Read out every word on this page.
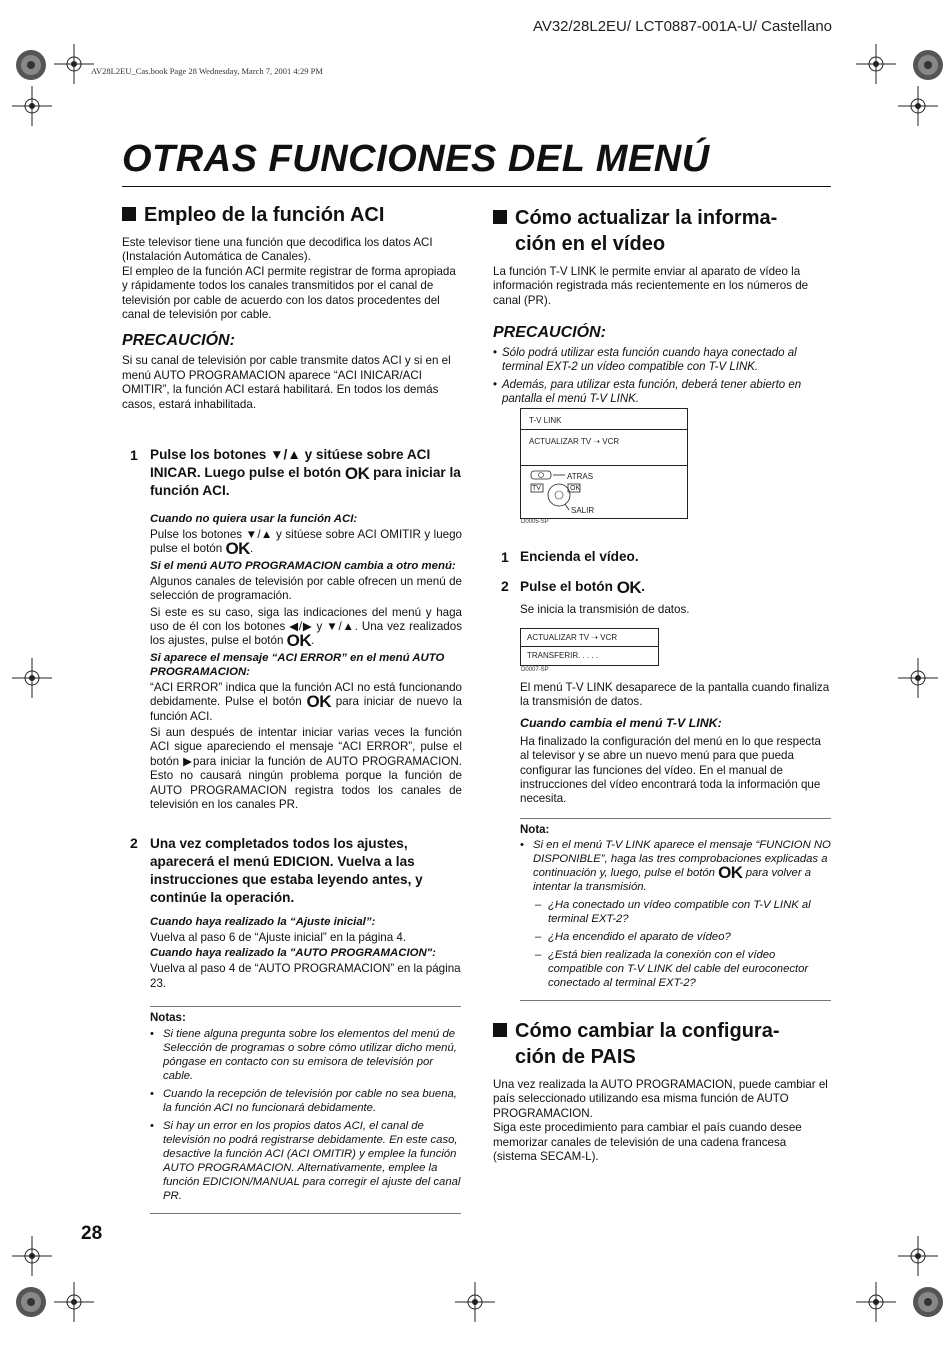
AV32/28L2EU/ LCT0887-001A-U/ Castellano
AV28L2EU_Cas.book Page 28 Wednesday, March 7, 2001 4:29 PM
OTRAS FUNCIONES DEL MENÚ
Empleo de la función ACI

Este televisor tiene una función que decodifica los datos ACI (Instalación Automática de Canales).

El empleo de la función ACI permite registrar de forma apropiada y rápidamente todos los canales transmitidos por el canal de televisión por cable de acuerdo con los datos procedentes del canal de televisión por cable.

PRECAUCIÓN:
Si su canal de televisión por cable transmite datos ACI y si en el menú AUTO PROGRAMACION aparece “ACI INICAR/ACI OMITIR”, la función ACI estará habilitará. En todos los demás casos, estará inhabilitada.
1 Pulse los botones ▼/▲ y sitúese sobre ACI INICAR. Luego pulse el botón OK para iniciar la función ACI.
Cuando no quiera usar la función ACI:
Pulse los botones ▼/▲ y sitúese sobre ACI OMITIR y luego pulse el botón OK.
Si el menú AUTO PROGRAMACION cambia a otro menú:
Algunos canales de televisión por cable ofrecen un menú de selección de programación.
Si este es su caso, siga las indicaciones del menú y haga uso de él con los botones ◀/▶ y ▼/▲. Una vez realizados los ajustes, pulse el botón OK.
Si aparece el mensaje “ACI ERROR” en el menú AUTO PROGRAMACION:
“ACI ERROR” indica que la función ACI no está funcionando debidamente. Pulse el botón OK para iniciar de nuevo la función ACI.
Si aun después de intentar iniciar varias veces la función ACI sigue apareciendo el mensaje “ACI ERROR”, pulse el botón ▶para iniciar la función de AUTO PROGRAMACION. Esto no causará ningún problema porque la función de AUTO PROGRAMACION registra todos los canales de televisión en los canales PR.
2 Una vez completados todos los ajustes, aparecerá el menú EDICION. Vuelva a las instrucciones que estaba leyendo antes, y continúe la operación.
Cuando haya realizado la “Ajuste inicial”:
Vuelva al paso 6 de “Ajuste inicial” en la página 4.
Cuando haya realizado la "AUTO PROGRAMACION":
Vuelva al paso 4 de “AUTO PROGRAMACION” en la página 23.
Notas:
• Si tiene alguna pregunta sobre los elementos del menú de Selección de programas o sobre cómo utilizar dicho menú, póngase en contacto con su emisora de televisión por cable.
• Cuando la recepción de televisión por cable no sea buena, la función ACI no funcionará debidamente.
• Si hay un error en los propios datos ACI, el canal de televisión no podrá registrarse debidamente. En este caso, desactive la función ACI (ACI OMITIR) y emplee la función AUTO PROGRAMACION. Alternativamente, emplee la función EDICION/MANUAL para corregir el ajuste del canal PR.
28
Cómo actualizar la informa-
ción en el vídeo
La función T-V LINK le permite enviar al aparato de vídeo la información registrada más recientemente en los números de canal (PR).
PRECAUCIÓN:
• Sólo podrá utilizar esta función cuando haya conectado al terminal EXT-2 un vídeo compatible con T-V LINK.
• Además, para utilizar esta función, deberá tener abierto en pantalla el menú T-V LINK.
T-V LINK
ACTUALIZAR TV ➝ VCR
ATRAS
TV	OK
SALIR
D0005-SP
1 Encienda el vídeo.
2 Pulse el botón OK.
Se inicia la transmisión de datos.
ACTUALIZAR TV ➝ VCR
TRANSFERIR. . . . .
D0007-SP
El menú T-V LINK desaparece de la pantalla cuando finaliza la transmisión de datos.
Cuando cambia el menú T-V LINK:
Ha finalizado la configuración del menú en lo que respecta al televisor y se abre un nuevo menú para que pueda configurar las funciones del vídeo. En el manual de instrucciones del vídeo encontrará toda la información que necesita.
Nota:
• Si en el menú T-V LINK aparece el mensaje “FUNCION NO DISPONIBLE”, haga las tres comprobaciones explicadas a continuación y, luego, pulse el botón OK para volver a intentar la transmisión.
– ¿Ha conectado un vídeo compatible con T-V LINK al terminal EXT-2?
– ¿Ha encendido el aparato de vídeo?
– ¿Está bien realizada la conexión con el vídeo compatible con T-V LINK del cable del euroconector conectado al terminal EXT-2?
Cómo cambiar la configura-
ción de PAIS

Una vez realizada la AUTO PROGRAMACION, puede cambiar el país seleccionado utilizando esa misma función de AUTO PROGRAMACION.

Siga este procedimiento para cambiar el país cuando desee memorizar canales de televisión de una cadena francesa (sistema SECAM-L).
